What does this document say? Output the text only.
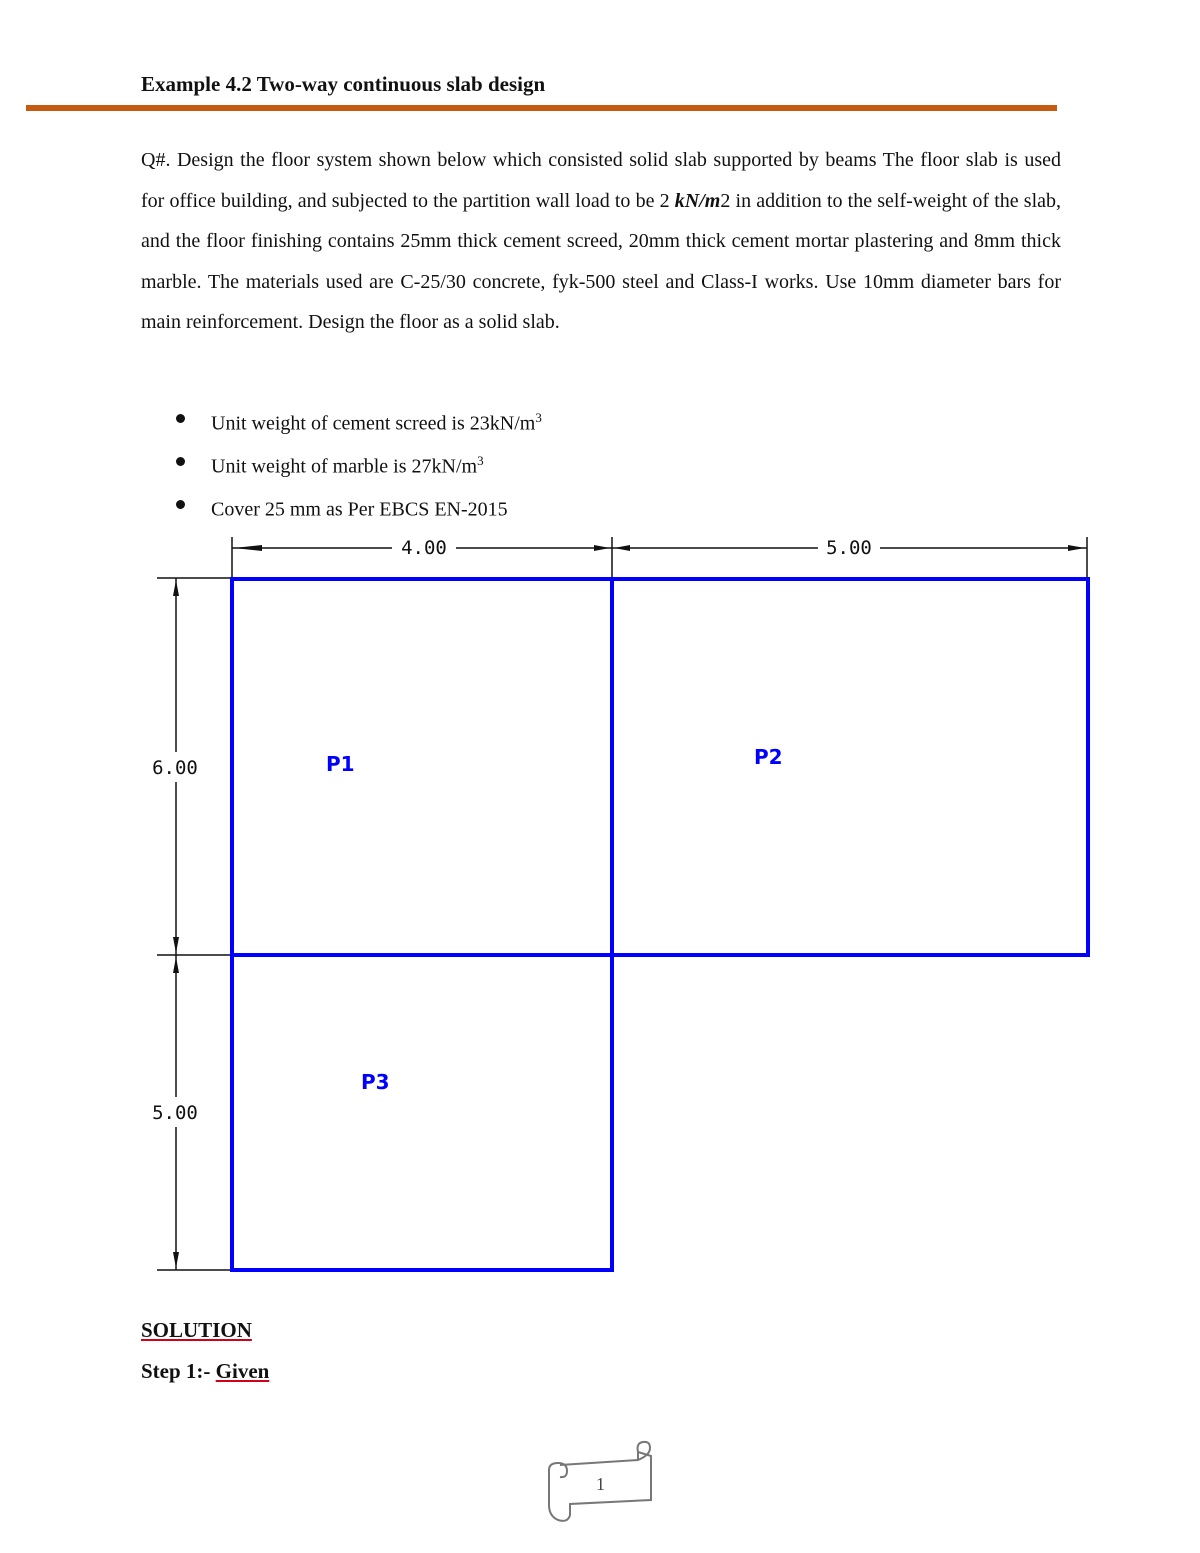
Example 4.2 Two-way continuous slab design
Q#. Design the floor system shown below which consisted solid slab supported by beams The floor slab is used for office building, and subjected to the partition wall load to be 2 kN/m2 in addition to the self-weight of the slab, and the floor finishing contains 25mm thick cement screed, 20mm thick cement mortar plastering and 8mm thick marble. The materials used are C-25/30 concrete, fyk-500 steel and Class-I works. Use 10mm diameter bars for main reinforcement. Design the floor as a solid slab.
Unit weight of cement screed is $23kN/m^3$
Unit weight of marble is $27kN/m^3$
Cover 25 mm as Per EBCS EN-2015
4.00	5.00
6.00
5.00
P1	P2
P3
SOLUTION
Step 1:- Given
1
